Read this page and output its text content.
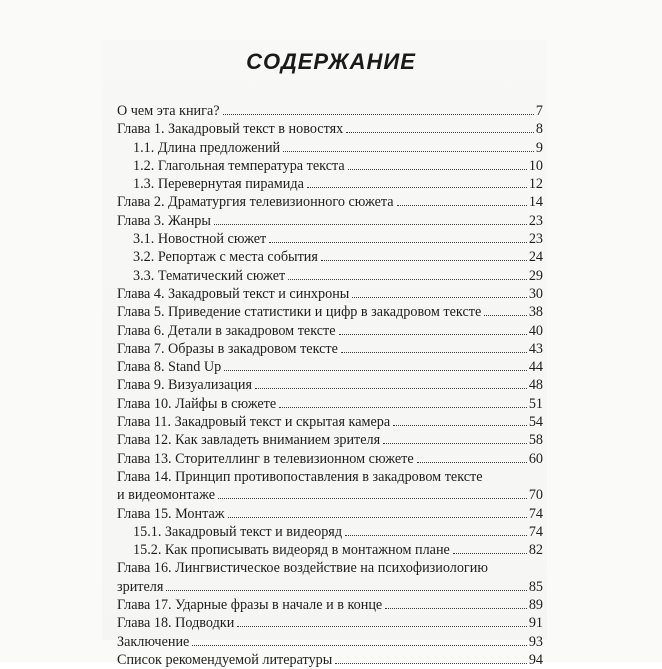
СОДЕРЖАНИЕ
О чем эта книга?	7
Глава 1. Закадровый текст в новостях	8
1.1. Длина предложений	9
1.2. Глагольная температура текста	10
1.3. Перевернутая пирамида	12
Глава 2. Драматургия телевизионного сюжета	14
Глава 3. Жанры	23
3.1. Новостной сюжет	23
3.2. Репортаж с места события	24
3.3. Тематический сюжет	29
Глава 4. Закадровый текст и синхроны	30
Глава 5. Приведение статистики и цифр в закадровом тексте	38
Глава 6. Детали в закадровом тексте	40
Глава 7. Образы в закадровом тексте	43
Глава 8. Stand Up	44
Глава 9. Визуализация	48
Глава 10. Лайфы в сюжете	51
Глава 11. Закадровый текст и скрытая камера	54
Глава 12. Как завладеть вниманием зрителя	58
Глава 13. Сторителлинг в телевизионном сюжете	60
Глава 14. Принцип противопоставления в закадровом тексте
и видеомонтаже	70
Глава 15. Монтаж	74
15.1. Закадровый текст и видеоряд	74
15.2. Как прописывать видеоряд в монтажном плане	82
Глава 16. Лингвистическое воздействие на психофизиологию
зрителя	85
Глава 17. Ударные фразы в начале и в конце	89
Глава 18. Подводки	91
Заключение	93
Список рекомендуемой литературы	94
